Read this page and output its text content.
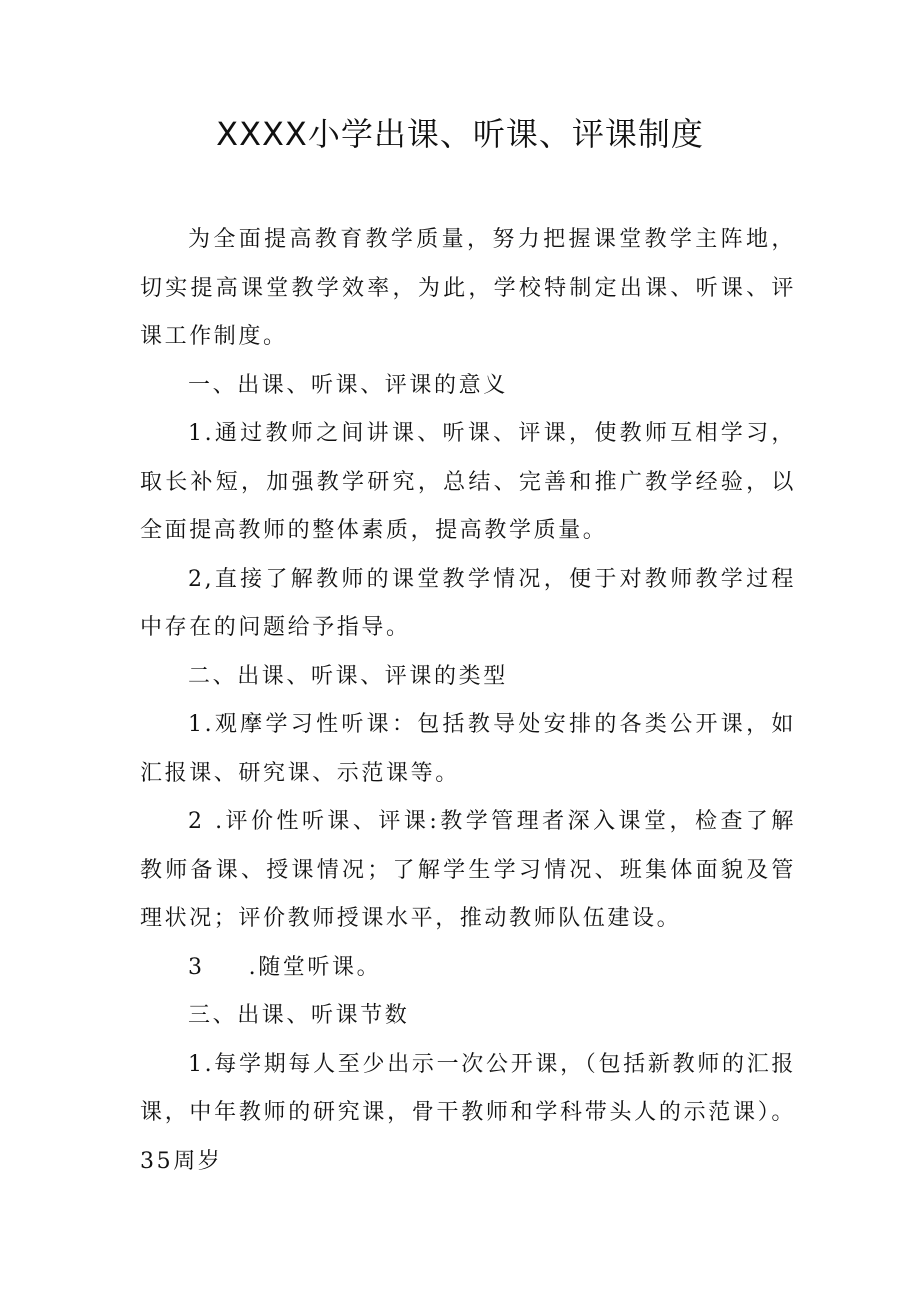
XXXX小学出课、听课、评课制度

为全面提高教育教学质量，努力把握课堂教学主阵地，切实提高课堂教学效率，为此，学校特制定出课、听课、评课工作制度。

一、出课、听课、评课的意义

1.通过教师之间讲课、听课、评课，使教师互相学习，取长补短，加强教学研究，总结、完善和推广教学经验，以全面提高教师的整体素质，提高教学质量。

2,直接了解教师的课堂教学情况，便于对教师教学过程中存在的问题给予指导。

二、出课、听课、评课的类型

1.观摩学习性听课：包括教导处安排的各类公开课，如汇报课、研究课、示范课等。

2 .评价性听课、评课:教学管理者深入课堂，检查了解教师备课、授课情况；了解学生学习情况、班集体面貌及管理状况；评价教师授课水平，推动教师队伍建设。

3 .随堂听课。

三、出课、听课节数

1.每学期每人至少出示一次公开课，（包括新教师的汇报课，中年教师的研究课，骨干教师和学科带头人的示范课）。35周岁
